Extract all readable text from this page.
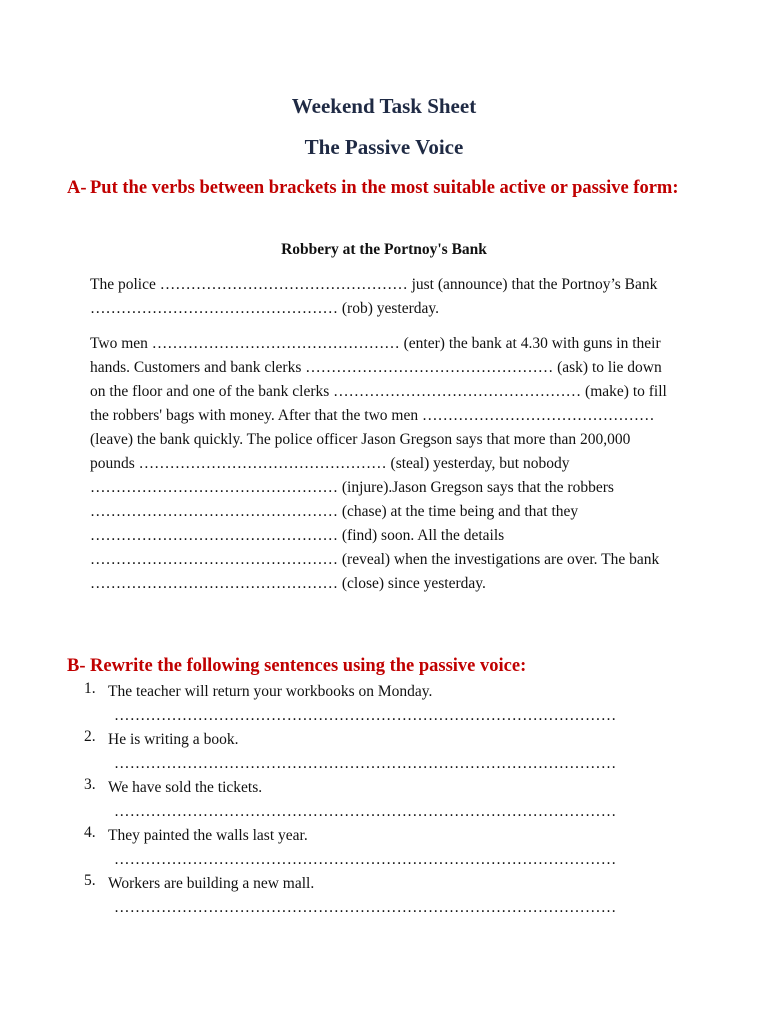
Weekend Task Sheet
The Passive Voice
A- Put the verbs between brackets in the most suitable active or passive form:
Robbery at the Portnoy's Bank
The police ………………………………………… just (announce) that the Portnoy’s Bank ………………………………………… (rob) yesterday.
Two men ………………………………………… (enter) the bank at 4.30 with guns in their hands. Customers and bank clerks ………………………………………… (ask) to lie down on the floor and one of the bank clerks ………………………………………… (make) to fill the robbers' bags with money. After that the two men ……………………………………… (leave) the bank quickly. The police officer Jason Gregson says that more than 200,000 pounds ………………………………………… (steal) yesterday, but nobody ………………………………………… (injure).Jason Gregson says that the robbers ………………………………………… (chase) at the time being and that they ………………………………………… (find) soon. All the details ………………………………………… (reveal) when the investigations are over. The bank ………………………………………… (close) since yesterday.
B- Rewrite the following sentences using the passive voice:
1. The teacher will return your workbooks on Monday.
……………………………………………………………………………………
2. He is writing a book.
……………………………………………………………………………………
3. We have sold the tickets.
……………………………………………………………………………………
4. They painted the walls last year.
……………………………………………………………………………………
5. Workers are building a new mall.
……………………………………………………………………………………
